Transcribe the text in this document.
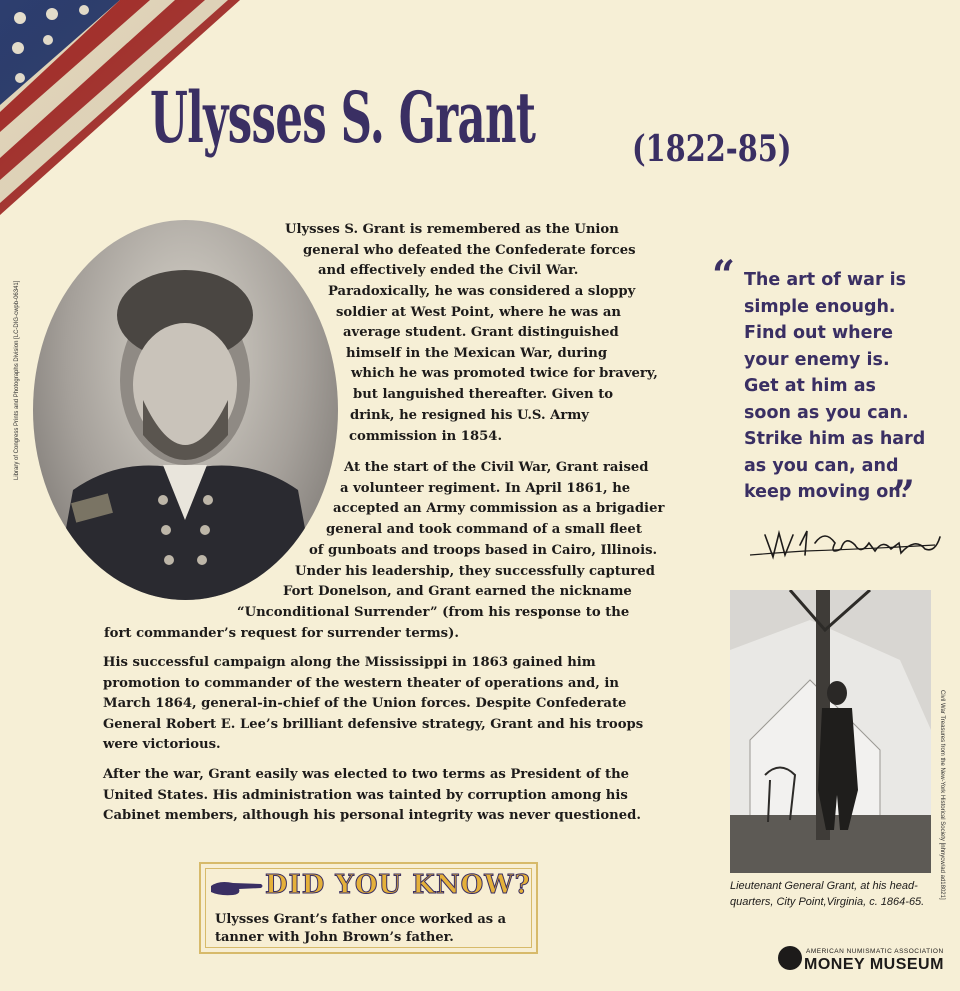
Ulysses S. Grant	(1822-85)
Library of Congress Prints and Photographs Division [LC-DIG-cwpb-06341]
Ulysses S. Grant is remembered as the Union
general who defeated the Confederate forces
and effectively ended the Civil War.
Paradoxically, he was considered a sloppy
soldier at West Point, where he was an
average student. Grant distinguished
himself in the Mexican War, during
which he was promoted twice for bravery,
but languished thereafter. Given to
drink, he resigned his U.S. Army
commission in 1854.
At the start of the Civil War, Grant raised
a volunteer regiment. In April 1861, he
accepted an Army commission as a brigadier
general and took command of a small fleet
of gunboats and troops based in Cairo, Illinois.
Under his leadership, they successfully captured
Fort Donelson, and Grant earned the nickname
“Unconditional Surrender” (from his response to the
fort commander’s request for surrender terms).
His successful campaign along the Mississippi in 1863 gained him
promotion to commander of the western theater of operations and, in
March 1864, general-in-chief of the Union forces. Despite Confederate
General Robert E. Lee’s brilliant defensive strategy, Grant and his troops
were victorious.
After the war, Grant easily was elected to two terms as President of the
United States. His administration was tainted by corruption among his
Cabinet members, although his personal integrity was never questioned.
“ The art of war is
simple enough.
Find out where
your enemy is.
Get at him as
soon as you can.
Strike him as hard
as you can, and
keep moving on.
”
Civil War Treasures from the New-York Historical Society [nhnycw/ad ad18021]
Lieutenant General Grant, at his head-
quarters, City Point,Virginia, c. 1864-65.
DID YOU KNOW?
Ulysses Grant’s father once worked as a
tanner with John Brown’s father.
AMERICAN NUMISMATIC ASSOCIATION
MONEY MUSEUM
